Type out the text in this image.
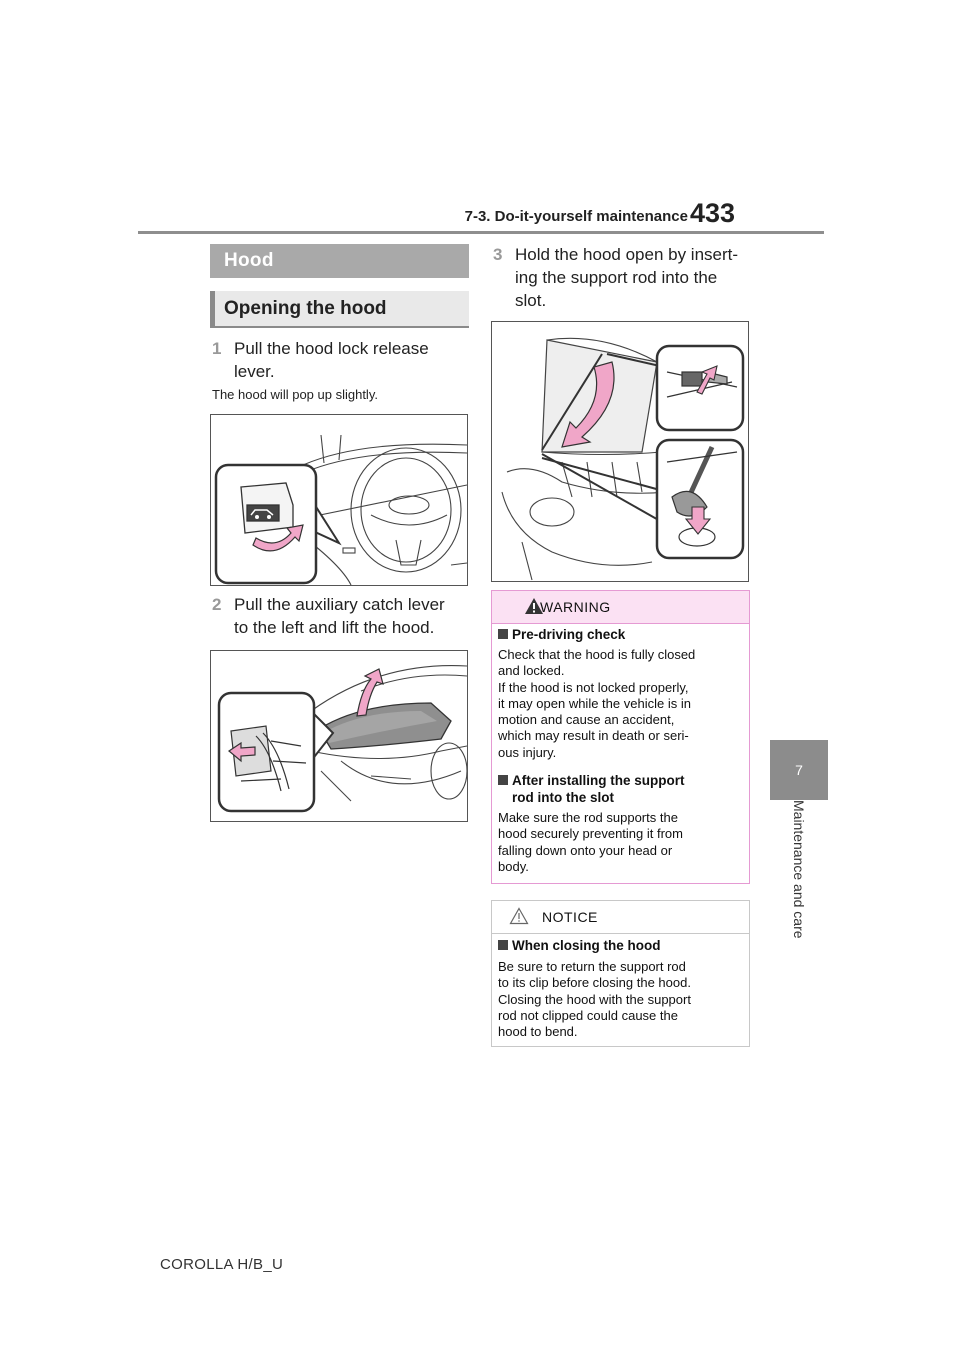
7-3. Do-it-yourself maintenance 433
7
Maintenance and care
Hood
Opening the hood
1 Pull the hood lock release
lever.
The hood will pop up slightly.
2 Pull the auxiliary catch lever
to the left and lift the hood.
3 Hold the hood open by insert-
ing the support rod into the
slot.
WARNING
Pre-driving check
Check that the hood is fully closed
and locked.
If the hood is not locked properly,
it may open while the vehicle is in
motion and cause an accident,
which may result in death or seri-
ous injury.
After installing the support
rod into the slot
Make sure the rod supports the
hood securely preventing it from
falling down onto your head or
body.
NOTICE
When closing the hood
Be sure to return the support rod
to its clip before closing the hood.
Closing the hood with the support
rod not clipped could cause the
hood to bend.
COROLLA H/B_U
